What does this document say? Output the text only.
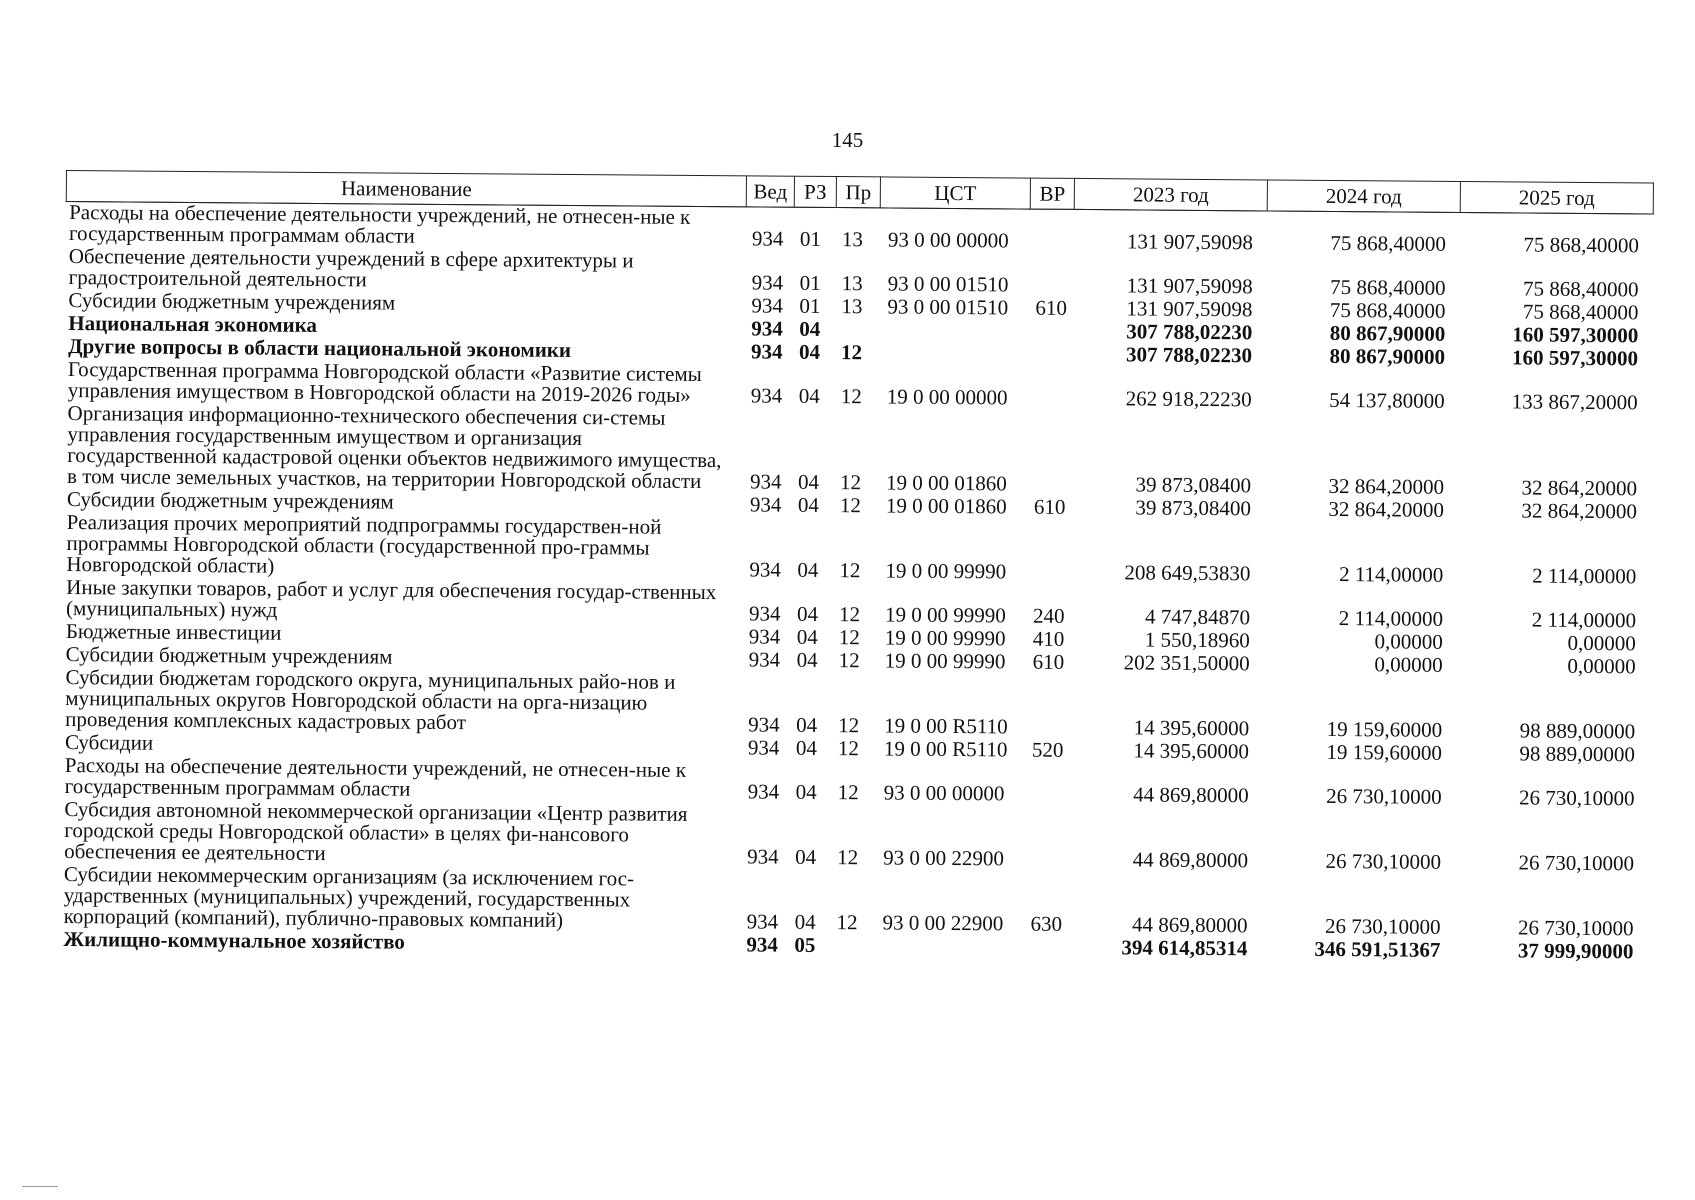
145
Наименование	Вед	РЗ	Пр	ЦСТ	ВР	2023 год	2024 год	2025 год
Расходы на обеспечение деятельности учреждений, не отнесен-ные к государственным программам области	934	01	13	93 0 00 00000		131 907,59098	75 868,40000	75 868,40000
Обеспечение деятельности учреждений в сфере архитектуры и градостроительной деятельности	934	01	13	93 0 00 01510		131 907,59098	75 868,40000	75 868,40000
Субсидии бюджетным учреждениям	934	01	13	93 0 00 01510	610	131 907,59098	75 868,40000	75 868,40000
Национальная экономика	934	04				307 788,02230	80 867,90000	160 597,30000
Другие вопросы в области национальной экономики	934	04	12			307 788,02230	80 867,90000	160 597,30000
Государственная программа Новгородской области «Развитие системы управления имуществом в Новгородской области на 2019-2026 годы»	934	04	12	19 0 00 00000		262 918,22230	54 137,80000	133 867,20000
Организация информационно-технического обеспечения си-стемы управления государственным имуществом и организация государственной кадастровой оценки объектов недвижимого имущества, в том числе земельных участков, на территории Новгородской области	934	04	12	19 0 00 01860		39 873,08400	32 864,20000	32 864,20000
Субсидии бюджетным учреждениям	934	04	12	19 0 00 01860	610	39 873,08400	32 864,20000	32 864,20000
Реализация прочих мероприятий подпрограммы государствен-ной программы Новгородской области (государственной про-граммы Новгородской области)	934	04	12	19 0 00 99990		208 649,53830	2 114,00000	2 114,00000
Иные закупки товаров, работ и услуг для обеспечения государ-ственных (муниципальных) нужд	934	04	12	19 0 00 99990	240	4 747,84870	2 114,00000	2 114,00000
Бюджетные инвестиции	934	04	12	19 0 00 99990	410	1 550,18960	0,00000	0,00000
Субсидии бюджетным учреждениям	934	04	12	19 0 00 99990	610	202 351,50000	0,00000	0,00000
Субсидии бюджетам городского округа, муниципальных райо-нов и муниципальных округов Новгородской области на орга-низацию проведения комплексных кадастровых работ	934	04	12	19 0 00 R5110		14 395,60000	19 159,60000	98 889,00000
Субсидии	934	04	12	19 0 00 R5110	520	14 395,60000	19 159,60000	98 889,00000
Расходы на обеспечение деятельности учреждений, не отнесен-ные к государственным программам области	934	04	12	93 0 00 00000		44 869,80000	26 730,10000	26 730,10000
Субсидия автономной некоммерческой организации «Центр развития городской среды Новгородской области» в целях фи-нансового обеспечения ее деятельности	934	04	12	93 0 00 22900		44 869,80000	26 730,10000	26 730,10000
Субсидии некоммерческим организациям (за исключением гос-ударственных (муниципальных) учреждений, государственных корпораций (компаний), публично-правовых компаний)	934	04	12	93 0 00 22900	630	44 869,80000	26 730,10000	26 730,10000
Жилищно-коммунальное хозяйство	934	05				394 614,85314	346 591,51367	37 999,90000
